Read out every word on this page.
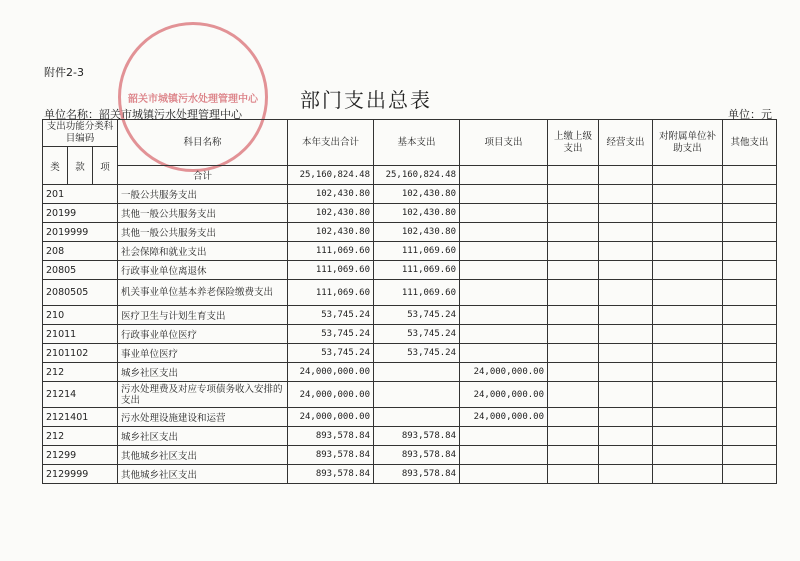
附件2-3
韶关市城镇污水处理管理中心	部门支出总表
单位名称：韶关市城镇污水处理管理中心	单位：元
支出功能分类科目编码			科目名称	本年支出合计	基本支出	项目支出	上缴上级支出	经营支出	对附属单位补助支出	其他支出	
类	款	项								
			合计	25,160,824.48	25,160,824.48						
201			一般公共服务支出	102,430.80	102,430.80						
20199			其他一般公共服务支出	102,430.80	102,430.80						
2019999			其他一般公共服务支出	102,430.80	102,430.80						
208			社会保障和就业支出	111,069.60	111,069.60						
20805			行政事业单位离退休	111,069.60	111,069.60						
2080505			机关事业单位基本养老保险缴费支出	111,069.60	111,069.60						
210			医疗卫生与计划生育支出	53,745.24	53,745.24						
21011			行政事业单位医疗	53,745.24	53,745.24						
2101102			事业单位医疗	53,745.24	53,745.24						
212			城乡社区支出	24,000,000.00		24,000,000.00					
21214			污水处理费及对应专项债务收入安排的支出	24,000,000.00		24,000,000.00					
2121401			污水处理设施建设和运营	24,000,000.00		24,000,000.00					
212			城乡社区支出	893,578.84	893,578.84						
21299			其他城乡社区支出	893,578.84	893,578.84						
2129999			其他城乡社区支出	893,578.84	893,578.84						
